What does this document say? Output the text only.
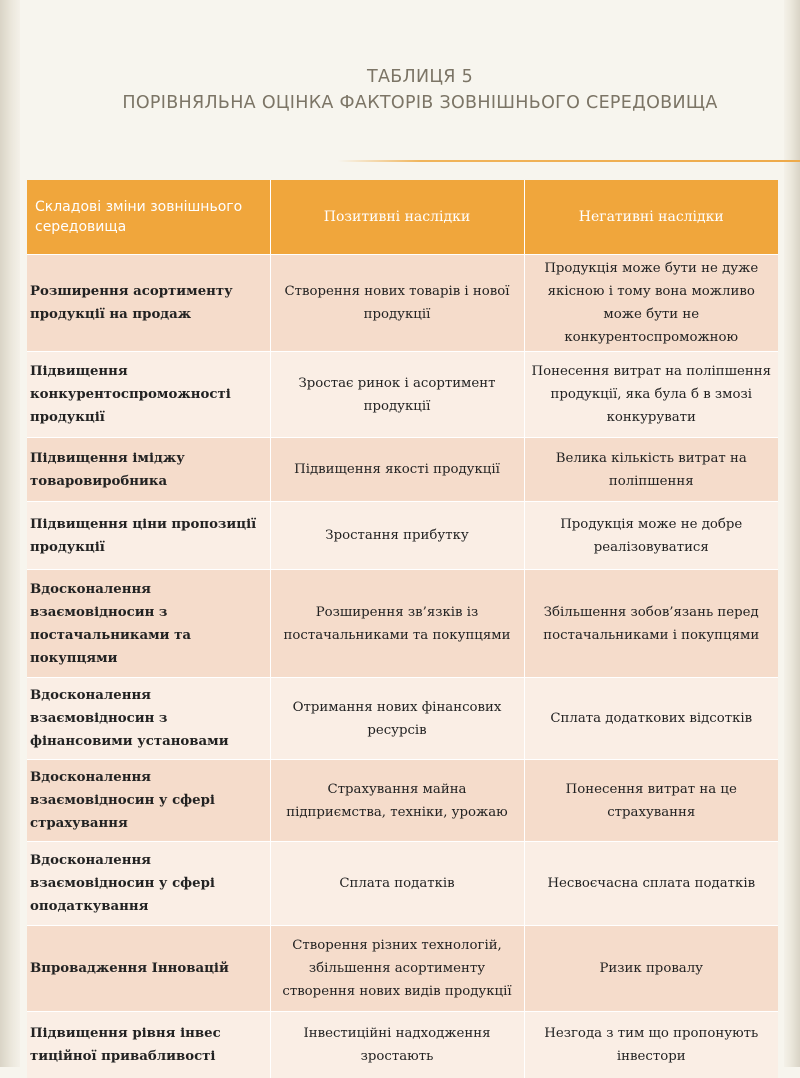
ТАБЛИЦЯ 5
ПОРІВНЯЛЬНА ОЦІНКА ФАКТОРІВ ЗОВНІШНЬОГО СЕРЕДОВИЩА
Складові зміни зовнішнього середовища	Позитивні наслідки	Негативні наслідки
Розширення асортименту продукції на продаж	Створення нових товарів і нової продукції	Продукція може бути не дуже якісною і тому вона можливо може бути не конкурентоспроможною
Підвищення конкурентоспроможності продукції	Зростає ринок і асортимент продукції	Понесення витрат на поліпшення продукції, яка була б в змозі конкурувати
Підвищення іміджу товаровиробника	Підвищення якості продукції	Велика кількість витрат на поліпшення
Підвищення ціни пропозиції продукції	Зростання прибутку	Продукція може не добре реалізовуватися
Вдосконалення взаємовідносин з постачальниками та покупцями	Розширення зв’язків із постачальниками та покупцями	Збільшення зобов’язань перед постачальниками і покупцями
Вдосконалення взаємовідносин з фінансовими установами	Отримання нових фінансових ресурсів	Сплата додаткових відсотків
Вдосконалення взаємовідносин у сфері страхування	Страхування майна підприємства, техніки, урожаю	Понесення витрат на це страхування
Вдосконалення взаємовідносин у сфері оподаткування	Сплата податків	Несвоєчасна сплата податків
Впровадження Інновацій	Створення різних технологій, збільшення асортименту створення нових видів продукції	Ризик провалу
Підвищення рівня інвес тиційної привабливості	Інвестиційні надходження зростають	Незгода з тим що пропонують інвестори
